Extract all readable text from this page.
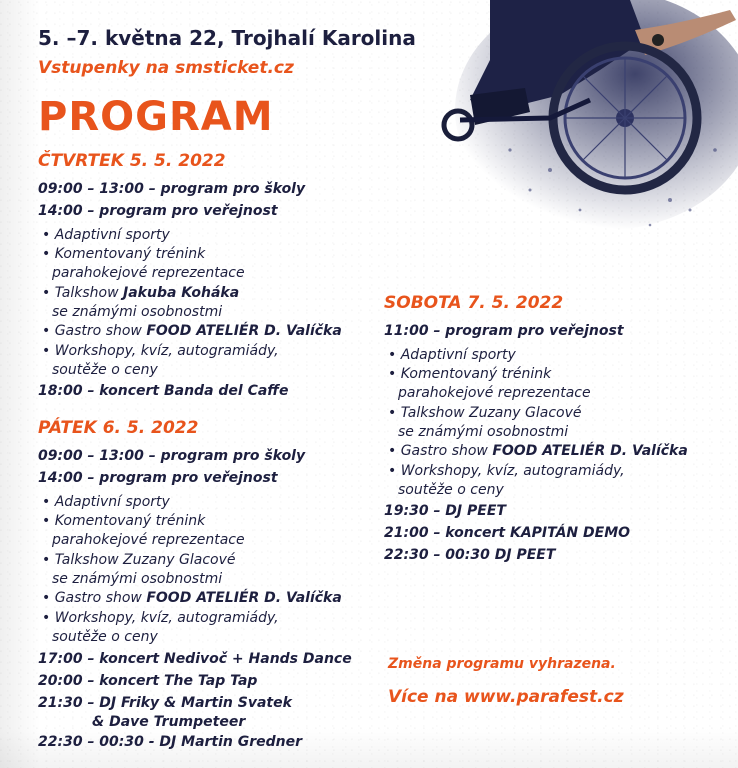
5. –7. května 22, Trojhalí Karolina
Vstupenky na smsticket.cz
PROGRAM
ČTVRTEK 5. 5. 2022
09:00 – 13:00 – program pro školy
14:00 – program pro veřejnost
• Adaptivní sporty
• Komentovaný trénink
parahokejové reprezentace
• Talkshow Jakuba Koháka
se známými osobnostmi
• Gastro show FOOD ATELIÉR D. Valíčka
• Workshopy, kvíz, autogramiády,
soutěže o ceny
18:00 – koncert Banda del Caffe
PÁTEK 6. 5. 2022
09:00 – 13:00 – program pro školy
14:00 – program pro veřejnost
• Adaptivní sporty
• Komentovaný trénink
parahokejové reprezentace
• Talkshow Zuzany Glacové
se známými osobnostmi
• Gastro show FOOD ATELIÉR D. Valíčka
• Workshopy, kvíz, autogramiády,
soutěže o ceny
17:00 – koncert Nedivoč + Hands Dance
20:00 – koncert The Tap Tap
21:30 – DJ Friky & Martin Svatek
& Dave Trumpeteer
22:30 – 00:30 - DJ Martin Gredner
SOBOTA 7. 5. 2022
11:00 – program pro veřejnost
• Adaptivní sporty
• Komentovaný trénink
parahokejové reprezentace
• Talkshow Zuzany Glacové
se známými osobnostmi
• Gastro show FOOD ATELIÉR D. Valíčka
• Workshopy, kvíz, autogramiády,
soutěže o ceny
19:30 – DJ PEET
21:00 – koncert KAPITÁN DEMO
22:30 – 00:30 DJ PEET
Změna programu vyhrazena.
Více na www.parafest.cz
